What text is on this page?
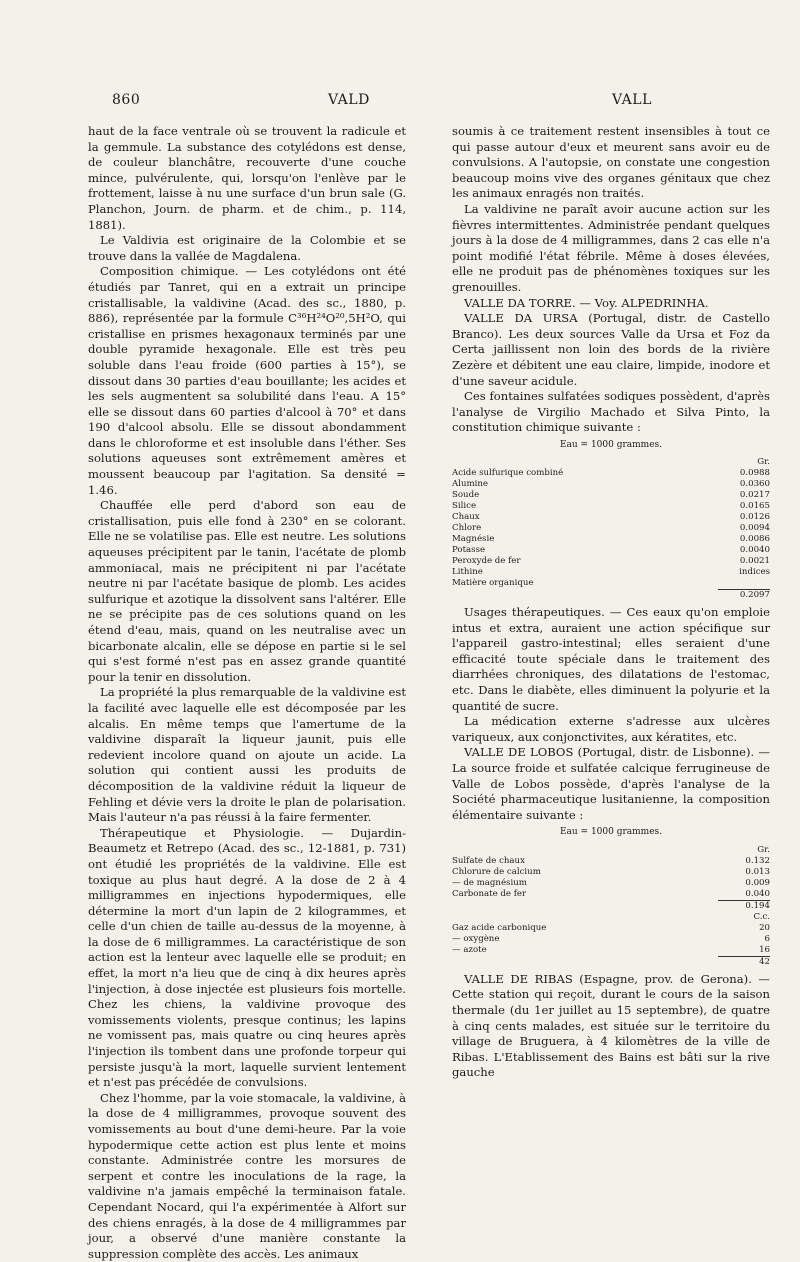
860	VALD	VALL

haut de la face ventrale où se trouvent la radicule et la gemmule. La substance des cotylédons est dense, de couleur blanchâtre, recouverte d'une couche mince, pulvérulente, qui, lorsqu'on l'enlève par le frottement, laisse à nu une surface d'un brun sale (G. Planchon, Journ. de pharm. et de chim., p. 114, 1881).

Le Valdivia est originaire de la Colombie et se trouve dans la vallée de Magdalena.

Composition chimique. — Les cotylédons ont été étudiés par Tanret, qui en a extrait un principe cristallisable, la valdivine (Acad. des sc., 1880, p. 886), représentée par la formule C³⁶H²⁴O²⁰,5H²O, qui cristallise en prismes hexagonaux terminés par une double pyramide hexagonale. Elle est très peu soluble dans l'eau froide (600 parties à 15°), se dissout dans 30 parties d'eau bouillante; les acides et les sels augmentent sa solubilité dans l'eau. A 15° elle se dissout dans 60 parties d'alcool à 70° et dans 190 d'alcool absolu. Elle se dissout abondamment dans le chloroforme et est insoluble dans l'éther. Ses solutions aqueuses sont extrêmement amères et moussent beaucoup par l'agitation. Sa densité = 1.46.

Chauffée elle perd d'abord son eau de cristallisation, puis elle fond à 230° en se colorant. Elle ne se volatilise pas. Elle est neutre. Les solutions aqueuses précipitent par le tanin, l'acétate de plomb ammoniacal, mais ne précipitent ni par l'acétate neutre ni par l'acétate basique de plomb. Les acides sulfurique et azotique la dissolvent sans l'altérer. Elle ne se précipite pas de ces solutions quand on les étend d'eau, mais, quand on les neutralise avec un bicarbonate alcalin, elle se dépose en partie si le sel qui s'est formé n'est pas en assez grande quantité pour la tenir en dissolution.

La propriété la plus remarquable de la valdivine est la facilité avec laquelle elle est décomposée par les alcalis. En même temps que l'amertume de la valdivine disparaît la liqueur jaunit, puis elle redevient incolore quand on ajoute un acide. La solution qui contient aussi les produits de décomposition de la valdivine réduit la liqueur de Fehling et dévie vers la droite le plan de polarisation. Mais l'auteur n'a pas réussi à la faire fermenter.

Thérapeutique et Physiologie. — Dujardin-Beaumetz et Retrepo (Acad. des sc., 12-1881, p. 731) ont étudié les propriétés de la valdivine. Elle est toxique au plus haut degré. A la dose de 2 à 4 milligrammes en injections hypodermiques, elle détermine la mort d'un lapin de 2 kilogrammes, et celle d'un chien de taille au-dessus de la moyenne, à la dose de 6 milligrammes. La caractéristique de son action est la lenteur avec laquelle elle se produit; en effet, la mort n'a lieu que de cinq à dix heures après l'injection, à dose injectée est plusieurs fois mortelle. Chez les chiens, la valdivine provoque des vomissements violents, presque continus; les lapins ne vomissent pas, mais quatre ou cinq heures après l'injection ils tombent dans une profonde torpeur qui persiste jusqu'à la mort, laquelle survient lentement et n'est pas précédée de convulsions.

Chez l'homme, par la voie stomacale, la valdivine, à la dose de 4 milligrammes, provoque souvent des vomissements au bout d'une demi-heure. Par la voie hypodermique cette action est plus lente et moins constante. Administrée contre les morsures de serpent et contre les inoculations de la rage, la valdivine n'a jamais empêché la terminaison fatale. Cependant Nocard, qui l'a expérimentée à Alfort sur des chiens enragés, à la dose de 4 milligrammes par jour, a observé d'une manière constante la suppression complète des accès. Les animaux

soumis à ce traitement restent insensibles à tout ce qui passe autour d'eux et meurent sans avoir eu de convulsions. A l'autopsie, on constate une congestion beaucoup moins vive des organes génitaux que chez les animaux enragés non traités.

La valdivine ne paraît avoir aucune action sur les fièvres intermittentes. Administrée pendant quelques jours à la dose de 4 milligrammes, dans 2 cas elle n'a point modifié l'état fébrile. Même à doses élevées, elle ne produit pas de phénomènes toxiques sur les grenouilles.

VALLE DA TORRE. — Voy. ALPEDRINHA.

VALLE DA URSA (Portugal, distr. de Castello Branco). Les deux sources Valle da Ursa et Foz da Certa jaillissent non loin des bords de la rivière Zezère et débitent une eau claire, limpide, inodore et d'une saveur acidule.

Ces fontaines sulfatées sodiques possèdent, d'après l'analyse de Virgilio Machado et Silva Pinto, la constitution chimique suivante :

Eau = 1000 grammes.
	Gr.
Acide sulfurique combiné	0.0988
Alumine	0.0360
Soude	0.0217
Silice	0.0165
Chaux	0.0126
Chlore	0.0094
Magnésie	0.0086
Potasse	0.0040
Peroxyde de fer	0.0021
Lithine	indices
Matière organique	
	0.2097

Usages thérapeutiques. — Ces eaux qu'on emploie intus et extra, auraient une action spécifique sur l'appareil gastro-intestinal; elles seraient d'une efficacité toute spéciale dans le traitement des diarrhées chroniques, des dilatations de l'estomac, etc. Dans le diabète, elles diminuent la polyurie et la quantité de sucre.

La médication externe s'adresse aux ulcères variqueux, aux conjonctivites, aux kératites, etc.

VALLE DE LOBOS (Portugal, distr. de Lisbonne). — La source froide et sulfatée calcique ferrugineuse de Valle de Lobos possède, d'après l'analyse de la Société pharmaceutique lusitanienne, la composition élémentaire suivante :

Eau = 1000 grammes.
	Gr.
Sulfate de chaux	0.132
Chlorure de calcium	0.013
— de magnésium	0.009
Carbonate de fer	0.040
	0.194
	C.c.
Gaz acide carbonique	20
— oxygène	6
— azote	16
	42

VALLE DE RIBAS (Espagne, prov. de Gerona). — Cette station qui reçoit, durant le cours de la saison thermale (du 1er juillet au 15 septembre), de quatre à cinq cents malades, est située sur le territoire du village de Bruguera, à 4 kilomètres de la ville de Ribas. L'Etablissement des Bains est bâti sur la rive gauche
